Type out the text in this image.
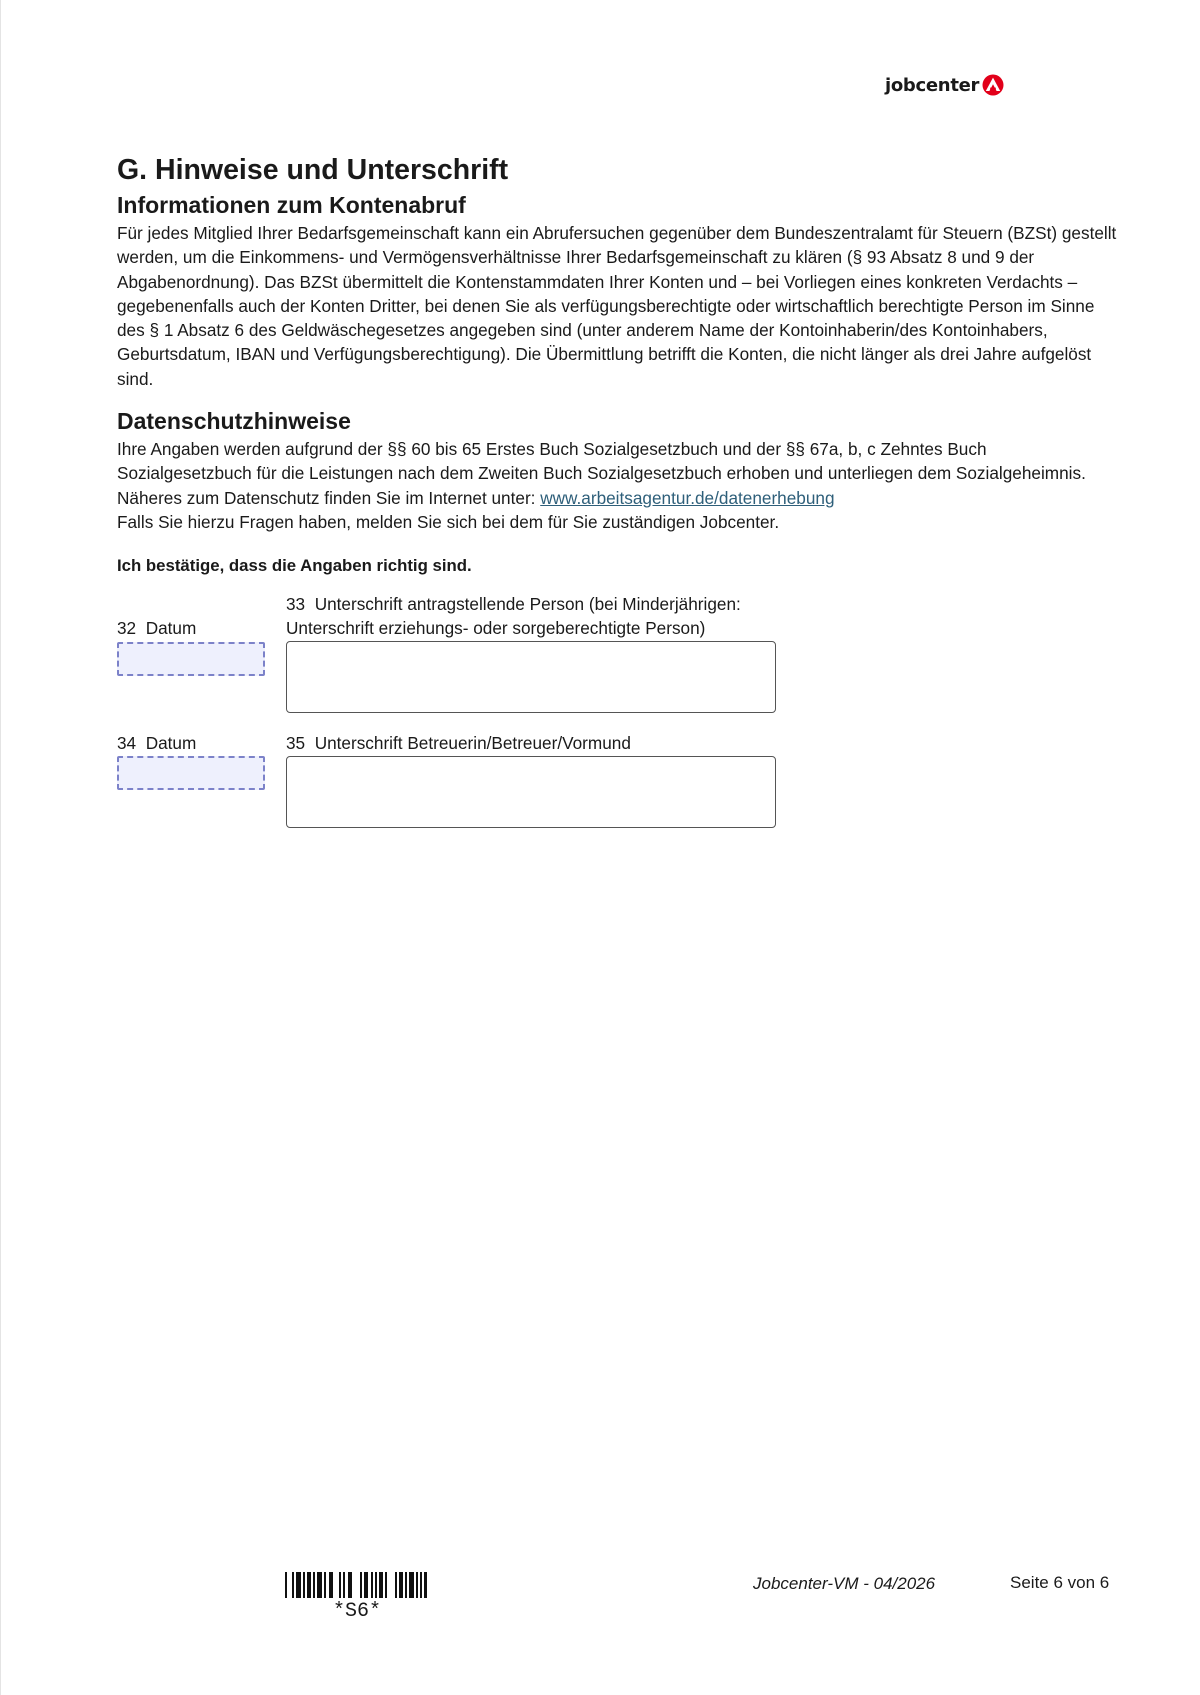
jobcenter
G. Hinweise und Unterschrift
Informationen zum Kontenabruf

Für jedes Mitglied Ihrer Bedarfsgemeinschaft kann ein Abrufersuchen gegenüber dem Bundeszentralamt für Steuern (BZSt) gestellt werden, um die Einkommens- und Vermögensverhältnisse Ihrer Bedarfsgemeinschaft zu klären (§ 93 Absatz 8 und 9 der Abgabenordnung). Das BZSt übermittelt die Kontenstammdaten Ihrer Konten und – bei Vorliegen eines konkreten Verdachts – gegebenenfalls auch der Konten Dritter, bei denen Sie als verfügungsberechtigte oder wirtschaftlich berechtigte Person im Sinne des § 1 Absatz 6 des Geldwäschegesetzes angegeben sind (unter anderem Name der Kontoinhaberin/des Kontoinhabers, Geburtsdatum, IBAN und Verfügungsberechtigung). Die Übermittlung betrifft die Konten, die nicht länger als drei Jahre aufgelöst sind.

Datenschutzhinweise

Ihre Angaben werden aufgrund der §§ 60 bis 65 Erstes Buch Sozialgesetzbuch und der §§ 67a, b, c Zehntes Buch Sozialgesetzbuch für die Leistungen nach dem Zweiten Buch Sozialgesetzbuch erhoben und unterliegen dem Sozialgeheimnis.
Näheres zum Datenschutz finden Sie im Internet unter: www.arbeitsagentur.de/datenerhebung
Falls Sie hierzu Fragen haben, melden Sie sich bei dem für Sie zuständigen Jobcenter.

Ich bestätige, dass die Angaben richtig sind.

32 Datum
33 Unterschrift antragstellende Person (bei Minderjährigen:
Unterschrift erziehungs- oder sorgeberechtigte Person)
34 Datum	35 Unterschrift Betreuerin/Betreuer/Vormund
*S6*
Jobcenter-VM - 04/2026	Seite 6 von 6
